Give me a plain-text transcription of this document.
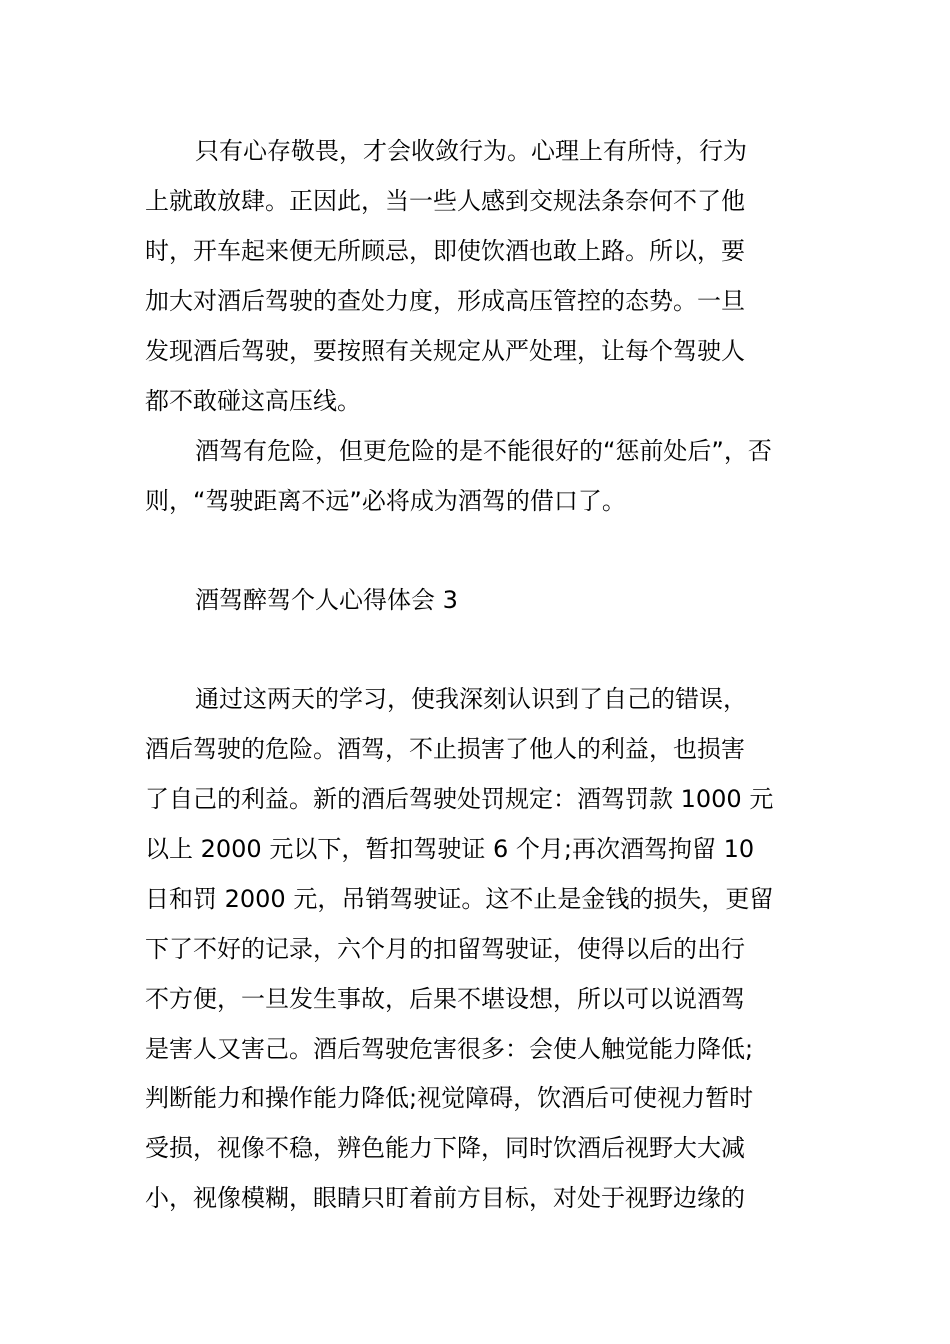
只有心存敬畏，才会收敛行为。心理上有所恃，行为
上就敢放肆。正因此，当一些人感到交规法条奈何不了他
时，开车起来便无所顾忌，即使饮酒也敢上路。所以，要
加大对酒后驾驶的查处力度，形成高压管控的态势。一旦
发现酒后驾驶，要按照有关规定从严处理，让每个驾驶人
都不敢碰这高压线。
酒驾有危险，但更危险的是不能很好的“惩前处后”，否
则，“驾驶距离不远”必将成为酒驾的借口了。
酒驾醉驾个人心得体会 3
通过这两天的学习，使我深刻认识到了自己的错误，
酒后驾驶的危险。酒驾，不止损害了他人的利益，也损害
了自己的利益。新的酒后驾驶处罚规定：酒驾罚款 1000 元
以上 2000 元以下，暂扣驾驶证 6 个月;再次酒驾拘留 10
日和罚 2000 元，吊销驾驶证。这不止是金钱的损失，更留
下了不好的记录，六个月的扣留驾驶证，使得以后的出行
不方便，一旦发生事故，后果不堪设想，所以可以说酒驾
是害人又害己。酒后驾驶危害很多：会使人触觉能力降低;
判断能力和操作能力降低;视觉障碍，饮酒后可使视力暂时
受损，视像不稳，辨色能力下降，同时饮酒后视野大大减
小，视像模糊，眼睛只盯着前方目标，对处于视野边缘的
